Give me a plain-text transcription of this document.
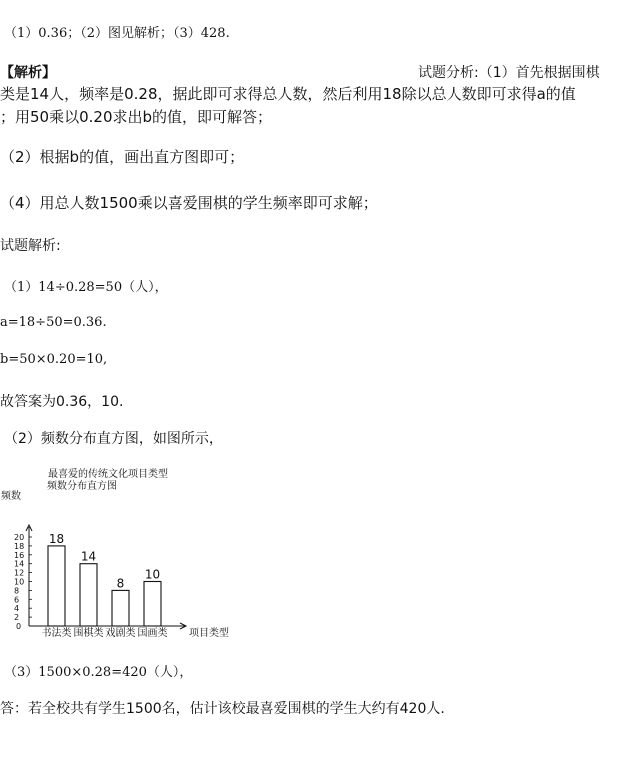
（1）0.36；（2）图见解析；（3）428.
【解析】	试题分析:（1）首先根据围棋
类是14人，频率是0.28，据此即可求得总人数，然后利用18除以总人数即可求得a的值
；用50乘以0.20求出b的值，即可解答；
（2）根据b的值，画出直方图即可；
（4）用总人数1500乘以喜爱围棋的学生频率即可求解；
试题解析:
（1）14÷0.28=50（人），
a=18÷50=0.36.
b=50×0.20=10,
故答案为0.36，10.
（2）频数分布直方图，如图所示，
最喜爱的传统文化项目类型
频数分布直方图
频数
项目类型
0
2
4
6
8
10
12
14
16
18
20 18
14
8
10
书法类 围棋类 戏剧类 国画类
（3）1500×0.28=420（人），
答：若全校共有学生1500名，估计该校最喜爱围棋的学生大约有420人.
